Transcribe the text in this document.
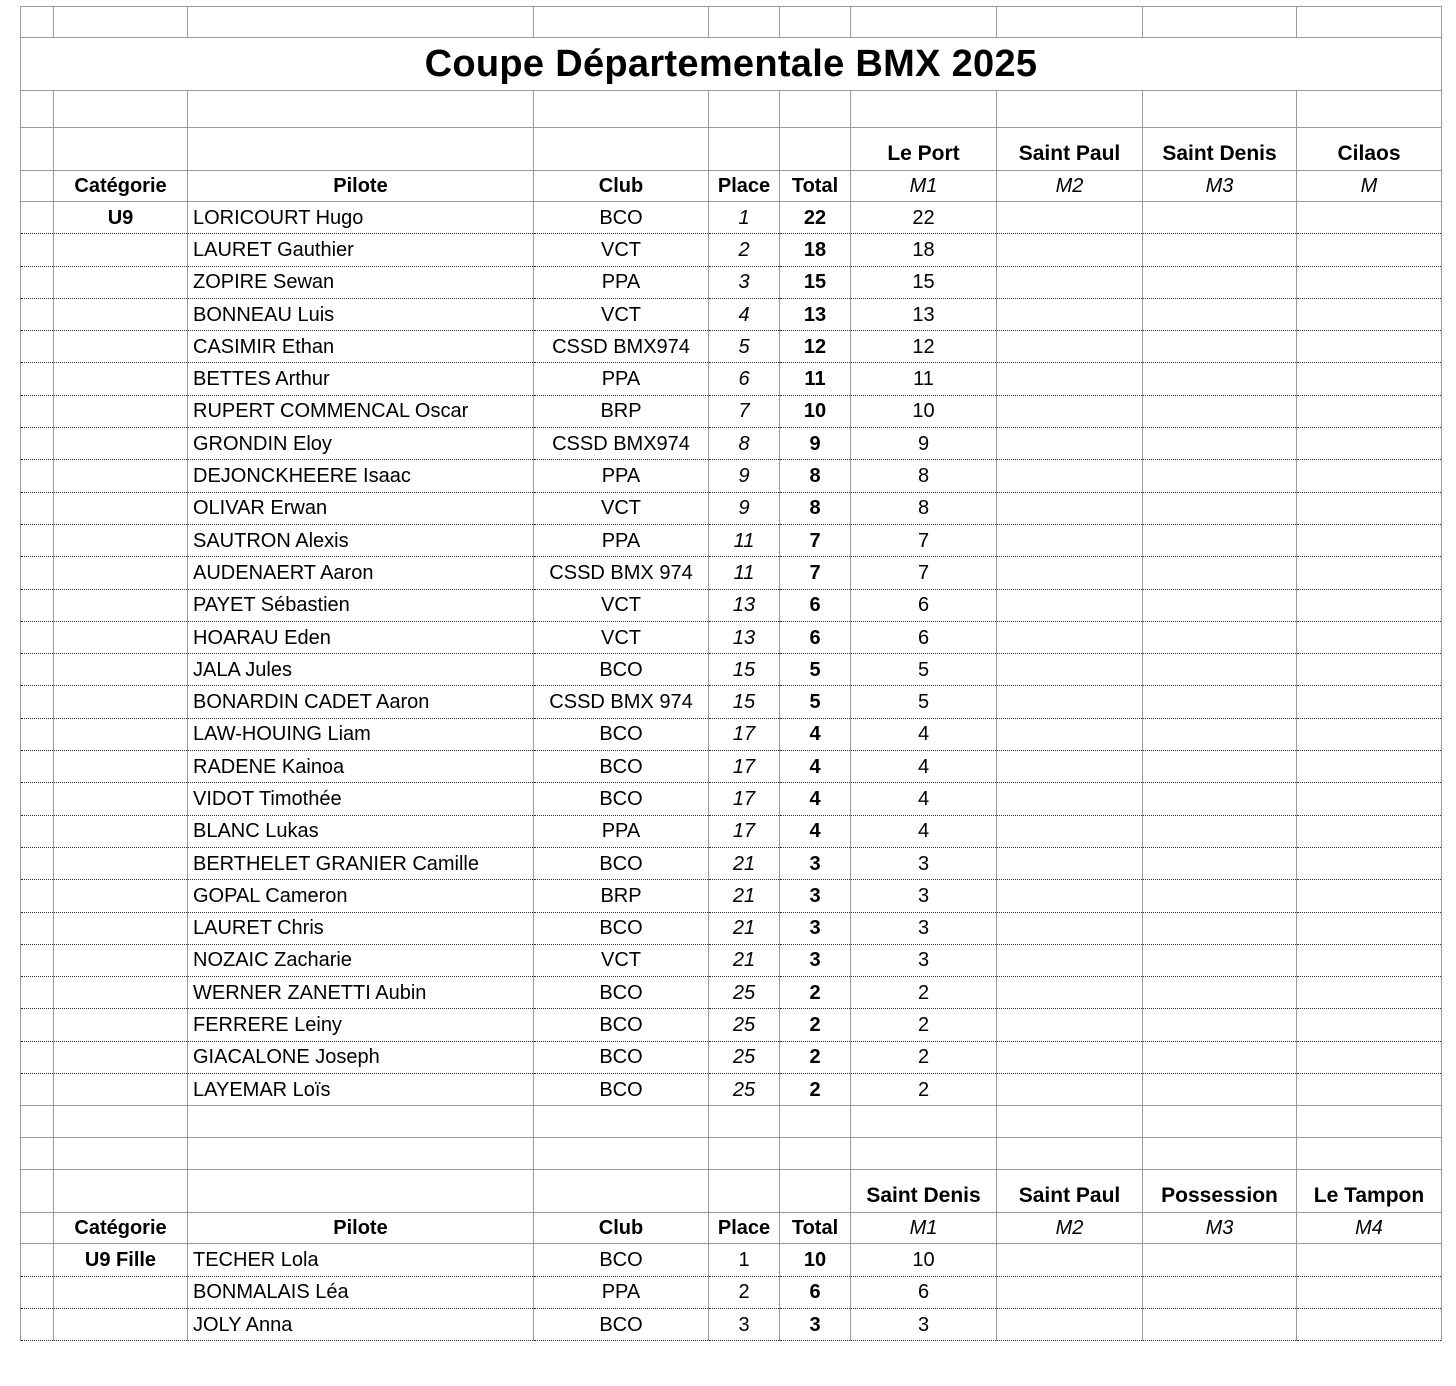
Coupe Départementale BMX 2025									

						Le Port	Saint Paul	Saint Denis	Cilaos
	Catégorie	Pilote	Club	Place	Total	M1	M2	M3	M
	U9	LORICOURT Hugo	BCO	1	22	22			
		LAURET Gauthier	VCT	2	18	18			
		ZOPIRE Sewan	PPA	3	15	15			
		BONNEAU Luis	VCT	4	13	13			
		CASIMIR Ethan	CSSD BMX974	5	12	12			
		BETTES Arthur	PPA	6	11	11			
		RUPERT COMMENCAL Oscar	BRP	7	10	10			
		GRONDIN Eloy	CSSD BMX974	8	9	9			
		DEJONCKHEERE Isaac	PPA	9	8	8			
		OLIVAR Erwan	VCT	9	8	8			
		SAUTRON Alexis	PPA	11	7	7			
		AUDENAERT Aaron	CSSD BMX 974	11	7	7			
		PAYET Sébastien	VCT	13	6	6			
		HOARAU Eden	VCT	13	6	6			
		JALA Jules	BCO	15	5	5			
		BONARDIN CADET Aaron	CSSD BMX 974	15	5	5			
		LAW-HOUING Liam	BCO	17	4	4			
		RADENE Kainoa	BCO	17	4	4			
		VIDOT Timothée	BCO	17	4	4			
		BLANC Lukas	PPA	17	4	4			
		BERTHELET GRANIER Camille	BCO	21	3	3			
		GOPAL Cameron	BRP	21	3	3			
		LAURET Chris	BCO	21	3	3			
		NOZAIC Zacharie	VCT	21	3	3			
		WERNER ZANETTI Aubin	BCO	25	2	2			
		FERRERE Leiny	BCO	25	2	2			
		GIACALONE Joseph	BCO	25	2	2			
		LAYEMAR Loïs	BCO	25	2	2			

						Saint Denis	Saint Paul	Possession	Le Tampon
	Catégorie	Pilote	Club	Place	Total	M1	M2	M3	M4
	U9 Fille	TECHER Lola	BCO	1	10	10			
		BONMALAIS Léa	PPA	2	6	6			
		JOLY Anna	BCO	3	3	3			
